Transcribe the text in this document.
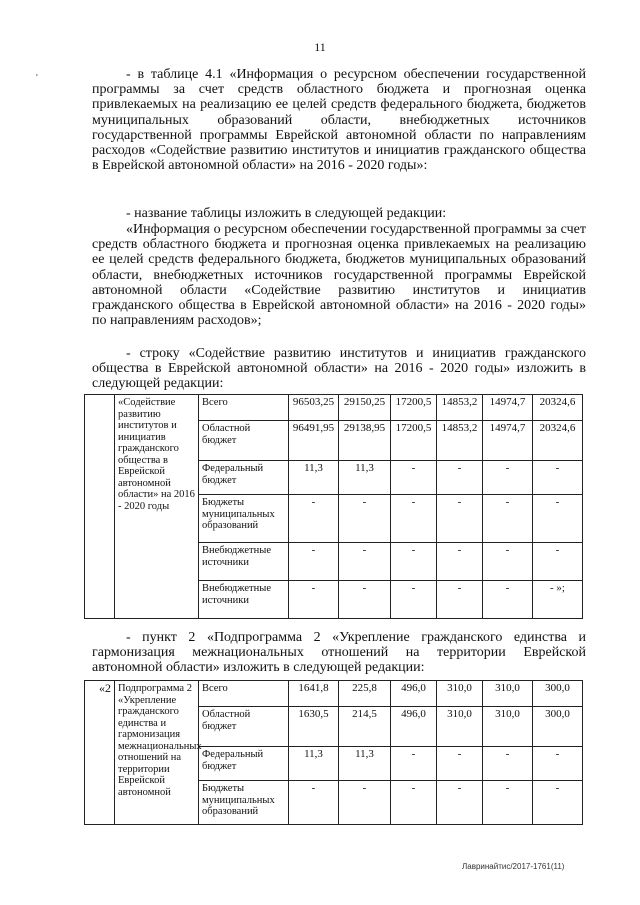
11
'	- в таблице 4.1 «Информация о ресурсном обеспечении государственной программы за счет средств областного бюджета и прогнозная оценка привлекаемых на реализацию ее целей средств федерального бюджета, бюджетов муниципальных образований области, внебюджетных источников государственной программы Еврейской автономной области по направлениям расходов «Содействие развитию институтов и инициатив гражданского общества в Еврейской автономной области» на 2016 - 2020 годы»:
- название таблицы изложить в следующей редакции:
«Информация о ресурсном обеспечении государственной программы за счет средств областного бюджета и прогнозная оценка привлекаемых на реализацию ее целей средств федерального бюджета, бюджетов муниципальных образований области, внебюджетных источников государственной программы Еврейской автономной области «Содействие развитию институтов и инициатив гражданского общества в Еврейской автономной области» на 2016 - 2020 годы» по направлениям расходов»;
- строку «Содействие развитию институтов и инициатив гражданского общества в Еврейской автономной области» на 2016 - 2020 годы» изложить в следующей редакции:
	«Содействие развитию институтов и инициатив гражданского общества в Еврейской автономной области» на 2016 - 2020 годы	Всего	96503,25	29150,25	17200,5	14853,2	14974,7	20324,6
		Областной бюджет	96491,95	29138,95	17200,5	14853,2	14974,7	20324,6
		Федеральный бюджет	11,3	11,3	-	-	-	-
		Бюджеты муниципальных образований	-	-	-	-	-	-
		Внебюджетные источники	-	-	-	-	-	-
		Внебюджетные источники	-	-	-	-	-	- »;
- пункт 2 «Подпрограмма 2 «Укрепление гражданского единства и гармонизация межнациональных отношений на территории Еврейской автономной области» изложить в следующей редакции:
«2	Подпрограмма 2 «Укрепление гражданского единства и гармонизация межнациональных отношений на территории Еврейской автономной	Всего	1641,8	225,8	496,0	310,0	310,0	300,0
		Областной бюджет	1630,5	214,5	496,0	310,0	310,0	300,0
		Федеральный бюджет	11,3	11,3	-	-	-	-
		Бюджеты муниципальных образований	-	-	-	-	-	-
Лавринайтис/2017-1761(11)
